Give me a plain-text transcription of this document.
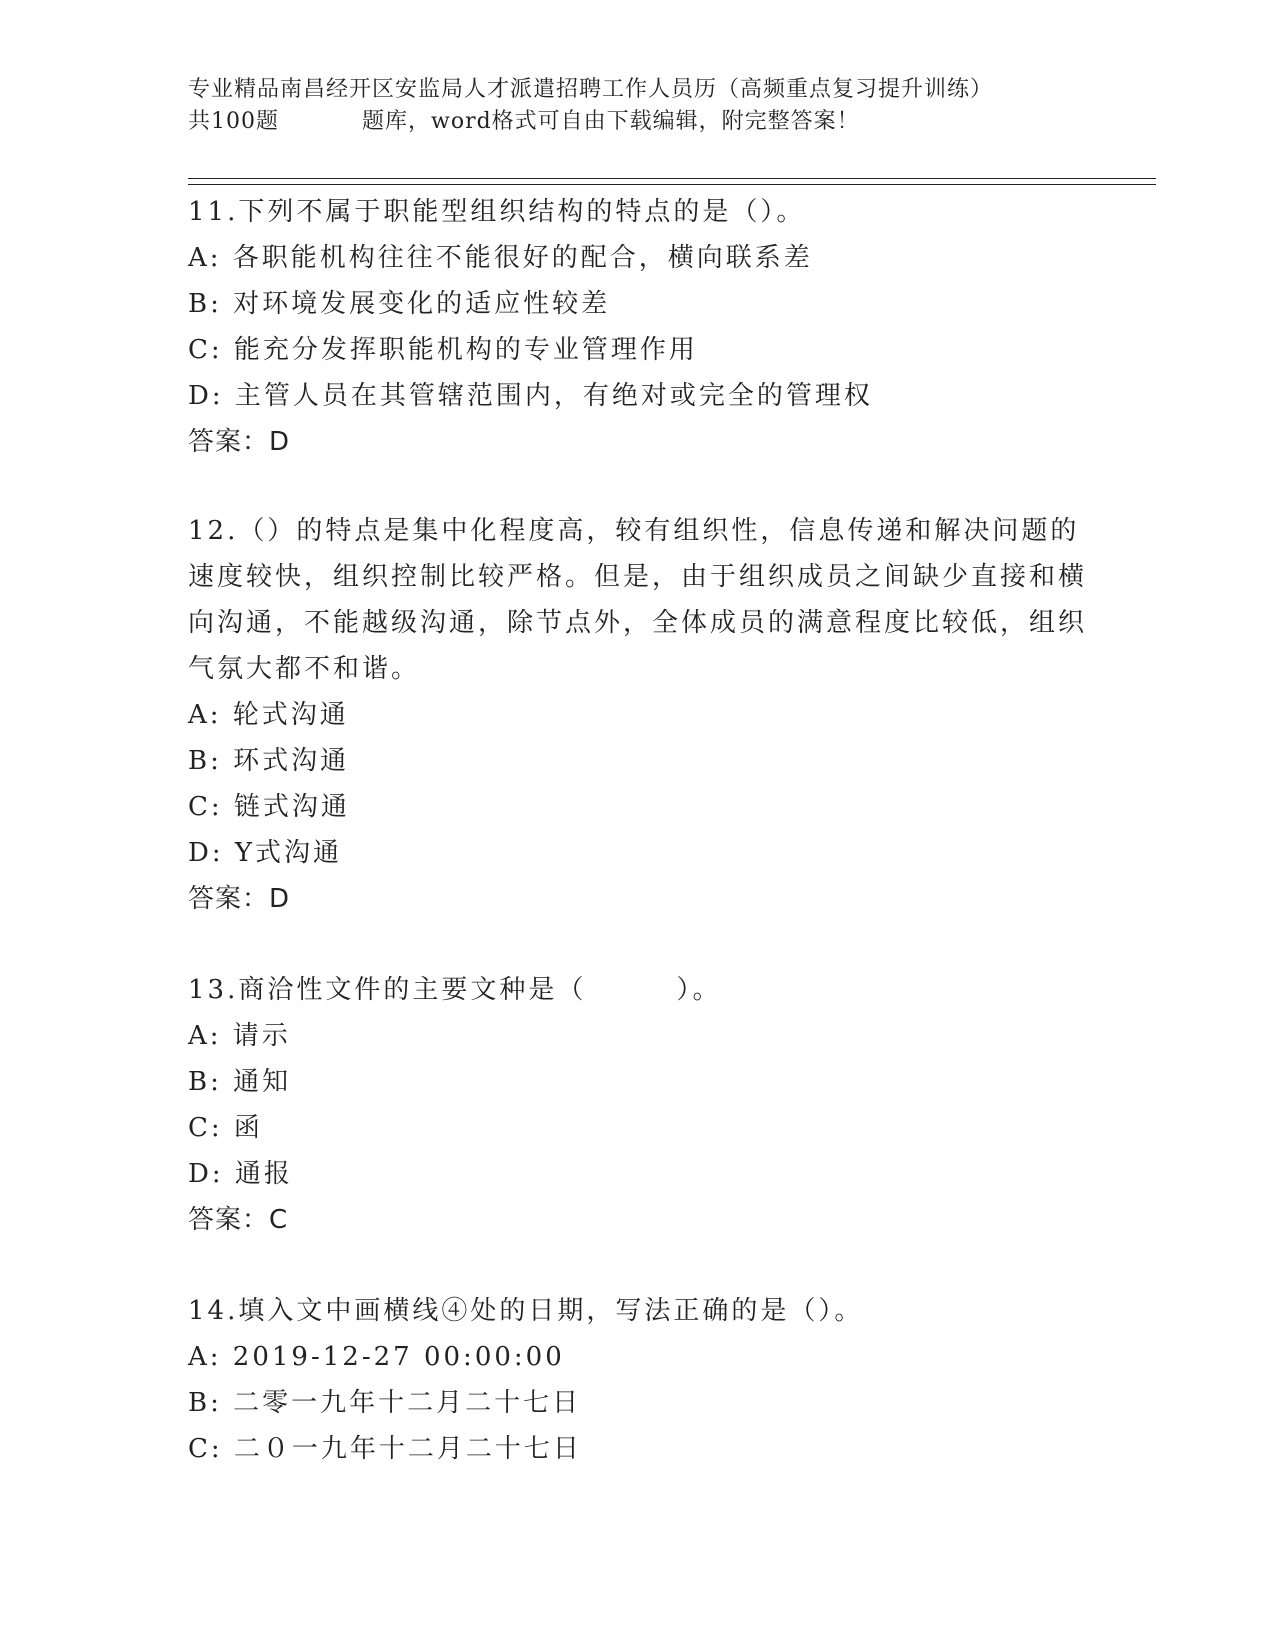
专业精品南昌经开区安监局人才派遣招聘工作人员历（高频重点复习提升训练）
共100题	题库，word格式可自由下载编辑，附完整答案！

11.下列不属于职能型组织结构的特点的是（）。

A: 各职能机构往往不能很好的配合，横向联系差

B: 对环境发展变化的适应性较差

C: 能充分发挥职能机构的专业管理作用

D: 主管人员在其管辖范围内，有绝对或完全的管理权

答案：D

12.（）的特点是集中化程度高，较有组织性，信息传递和解决问题的速度较快，组织控制比较严格。但是，由于组织成员之间缺少直接和横向沟通，不能越级沟通，除节点外，全体成员的满意程度比较低，组织气氛大都不和谐。

A: 轮式沟通

B: 环式沟通

C: 链式沟通

D: Y式沟通

答案：D

13.商洽性文件的主要文种是（        ）。

A: 请示

B: 通知

C: 函

D: 通报

答案：C

14.填入文中画横线④处的日期，写法正确的是（）。

A: 2019-12-27 00:00:00

B: 二零一九年十二月二十七日

C: 二０一九年十二月二十七日
